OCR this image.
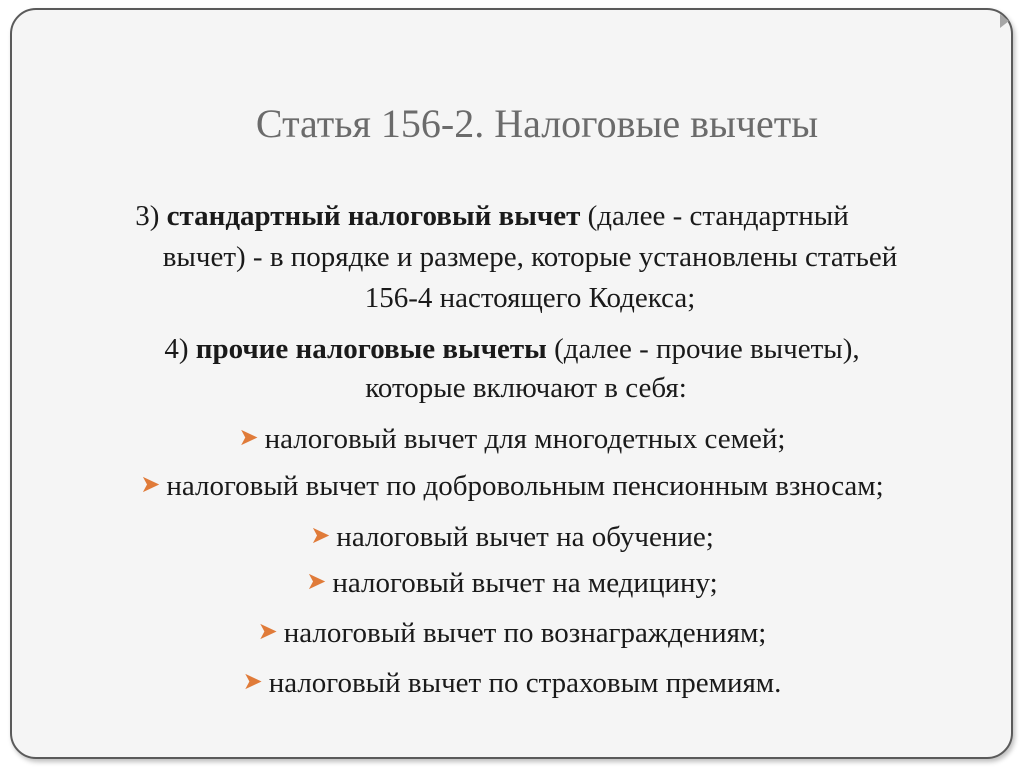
Статья 156-2. Налоговые вычеты
3) стандартный налоговый вычет (далее - стандартный
вычет) - в порядке и размере, которые установлены статьей
156-4 настоящего Кодекса;
4) прочие налоговые вычеты (далее - прочие вычеты),
которые включают в себя:
➤ налоговый вычет для многодетных семей;
➤ налоговый вычет по добровольным пенсионным взносам;
➤ налоговый вычет на обучение;
➤ налоговый вычет на медицину;
➤ налоговый вычет по вознаграждениям;
➤ налоговый вычет по страховым премиям.
